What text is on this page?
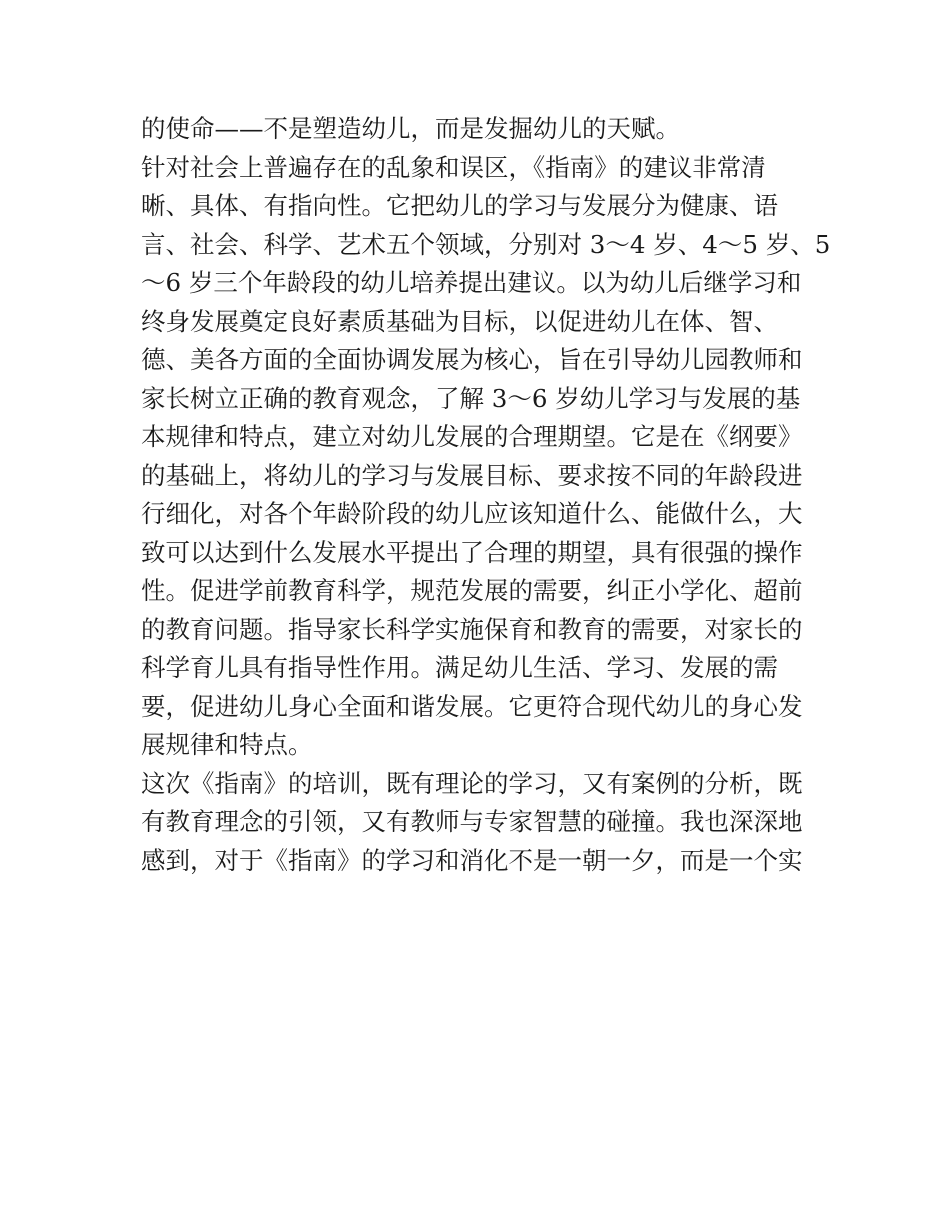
的使命——不是塑造幼儿，而是发掘幼儿的天赋。
针对社会上普遍存在的乱象和误区，《指南》的建议非常清
晰、具体、有指向性。它把幼儿的学习与发展分为健康、语
言、社会、科学、艺术五个领域，分别对 3～4 岁、4～5 岁、5
～6 岁三个年龄段的幼儿培养提出建议。以为幼儿后继学习和
终身发展奠定良好素质基础为目标，以促进幼儿在体、智、
德、美各方面的全面协调发展为核心，旨在引导幼儿园教师和
家长树立正确的教育观念，了解 3～6 岁幼儿学习与发展的基
本规律和特点，建立对幼儿发展的合理期望。它是在《纲要》
的基础上，将幼儿的学习与发展目标、要求按不同的年龄段进
行细化，对各个年龄阶段的幼儿应该知道什么、能做什么，大
致可以达到什么发展水平提出了合理的期望，具有很强的操作
性。促进学前教育科学，规范发展的需要，纠正小学化、超前
的教育问题。指导家长科学实施保育和教育的需要，对家长的
科学育儿具有指导性作用。满足幼儿生活、学习、发展的需
要，促进幼儿身心全面和谐发展。它更符合现代幼儿的身心发
展规律和特点。
这次《指南》的培训，既有理论的学习，又有案例的分析，既
有教育理念的引领，又有教师与专家智慧的碰撞。我也深深地
感到，对于《指南》的学习和消化不是一朝一夕，而是一个实
